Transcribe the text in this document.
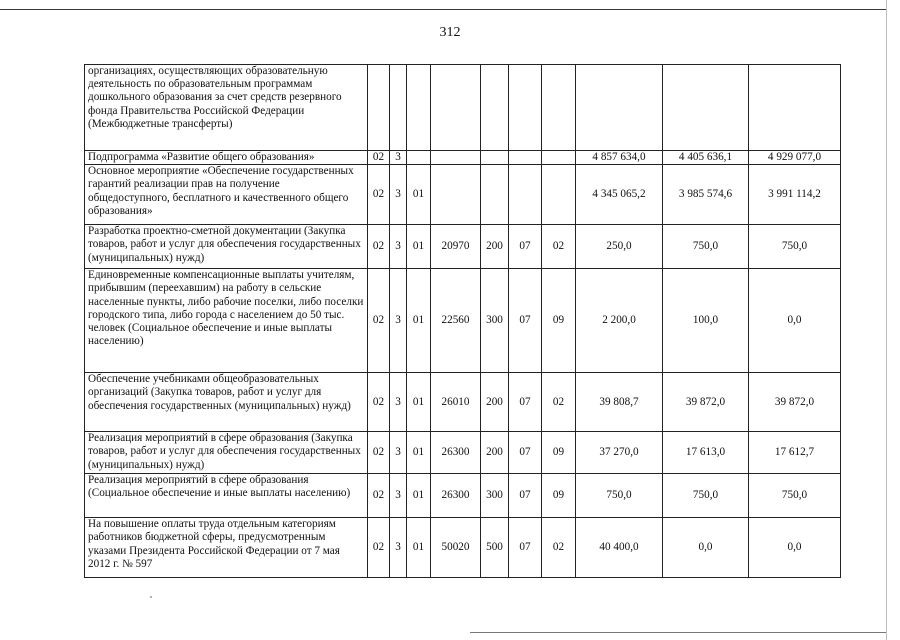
312
организациях, осуществляющих образовательную деятельность по образовательным программам дошкольного образования за счет средств резервного фонда Правительства Российской Федерации (Межбюджетные трансферты)										
Подпрограмма «Развитие общего образования»	02	3						4 857 634,0	4 405 636,1	4 929 077,0
Основное мероприятие «Обеспечение государственных гарантий реализации прав на получение общедоступного, бесплатного и качественного общего образования»	02	3	01					4 345 065,2	3 985 574,6	3 991 114,2
Разработка проектно-сметной документации (Закупка товаров, работ и услуг для обеспечения государственных (муниципальных) нужд)	02	3	01	20970	200	07	02	250,0	750,0	750,0
Единовременные компенсационные выплаты учителям, прибывшим (переехавшим) на работу в сельские населенные пункты, либо рабочие поселки, либо поселки городского типа, либо города с населением до 50 тыс. человек (Социальное обеспечение и иные выплаты населению)	02	3	01	22560	300	07	09	2 200,0	100,0	0,0
Обеспечение учебниками общеобразовательных организаций (Закупка товаров, работ и услуг для обеспечения государственных (муниципальных) нужд)	02	3	01	26010	200	07	02	39 808,7	39 872,0	39 872,0
Реализация мероприятий в сфере образования (Закупка товаров, работ и услуг для обеспечения государственных (муниципальных) нужд)	02	3	01	26300	200	07	09	37 270,0	17 613,0	17 612,7
Реализация мероприятий в сфере образования (Социальное обеспечение и иные выплаты населению)	02	3	01	26300	300	07	09	750,0	750,0	750,0
На повышение оплаты труда отдельным категориям работников бюджетной сферы, предусмотренным указами Президента Российской Федерации от 7 мая 2012 г. № 597	02	3	01	50020	500	07	02	40 400,0	0,0	0,0
